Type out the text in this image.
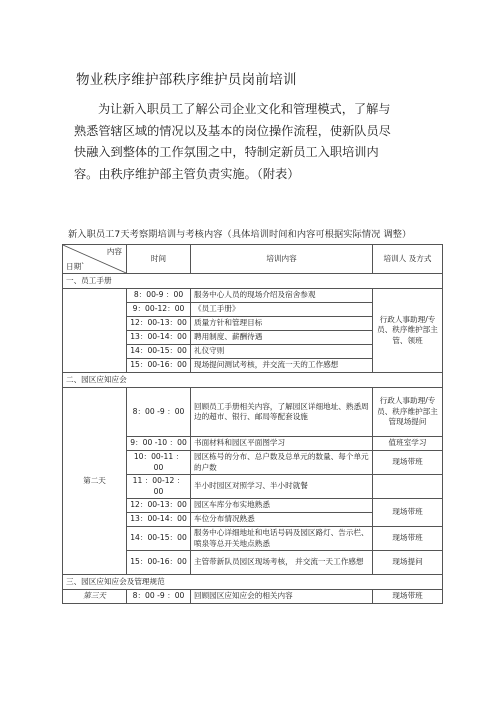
物业秩序维护部秩序维护员岗前培训

为让新入职员工了解公司企业文化和管理模式，了解与

熟悉管辖区域的情况以及基本的岗位操作流程，使新队员尽

快融入到整体的工作氛围之中，特制定新员工入职培训内

容。由秩序维护部主管负责实施。（附表）

新入职员工7天考察期培训与考核内容（具体培训时间和内容可根据实际情况 调整）
内容
日期`	时间	培训内容	培训人 及方式
一、员工手册			
	8：00-9 ：00	服务中心人员的现场介绍及宿舍参观	行政人事助理/专员、秩序维护部主管、领班
	9：00-12：00	《员工手册》	
	12：00-13：00	质量方针和管理目标	
	13：00-14：00	聘用制度、薪酬待遇	
	14：00-15：00	礼仪守则	
	15：00-16：00	现场提问测试考核，并交流一天的工作感想	
二、园区应知应会			
第二天	8：00 -9 ：00	回顾员工手册相关内容，了解园区详细地址、熟悉周边的超市、银行、邮局等配套设施	行政人事助理/专员、秩序维护部主管现场提问
	9：00 -10 ：00	书面材料和园区平面图学习	值班室学习
	10：00-11 ：00	园区栋号的分布、总户数及总单元的数量、每个单元的户数	现场带班
	11 ：00-12 ：00	半小时园区对照学习、半小时就餐	
	12：00-13：00	园区车库分布实地熟悉	现场带班
	13：00-14：00	车位分布情况熟悉	
	14：00-15：00	服务中心详细地址和电话号码及园区路灯、告示栏、喷泉等总开关地点熟悉	现场带班
	15：00-16：00	主管带新队员园区现场考核， 并交流一天工作感想	现场提问
三、园区应知应会及管理规范			
第三天	8：00 -9 ：00	回顾园区应知应会的相关内容	现场带班
